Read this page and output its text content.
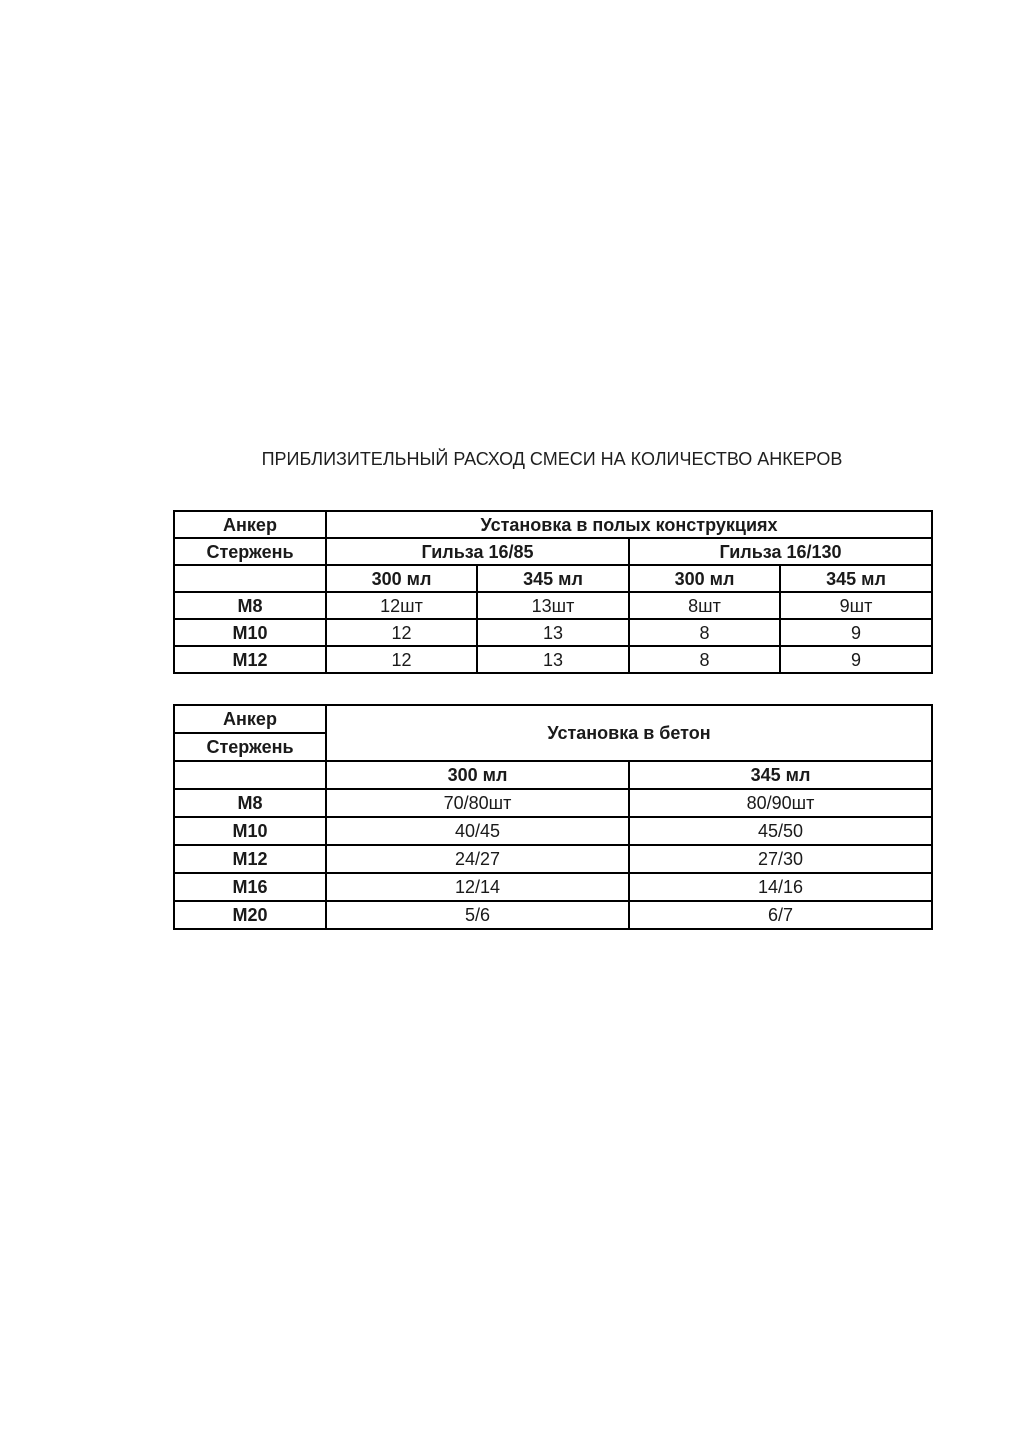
ПРИБЛИЗИТЕЛЬНЫЙ РАСХОД СМЕСИ НА КОЛИЧЕСТВО АНКЕРОВ
Анкер	Установка в полых конструкциях			
Стержень	Гильза 16/85		Гильза 16/130	
	300 мл	345 мл	300 мл	345 мл
М8	12шт	13шт	8шт	9шт
М10	12	13	8	9
М12	12	13	8	9
Анкер	Установка в бетон	
Стержень		
	300 мл	345 мл
М8	70/80шт	80/90шт
М10	40/45	45/50
М12	24/27	27/30
М16	12/14	14/16
М20	5/6	6/7
